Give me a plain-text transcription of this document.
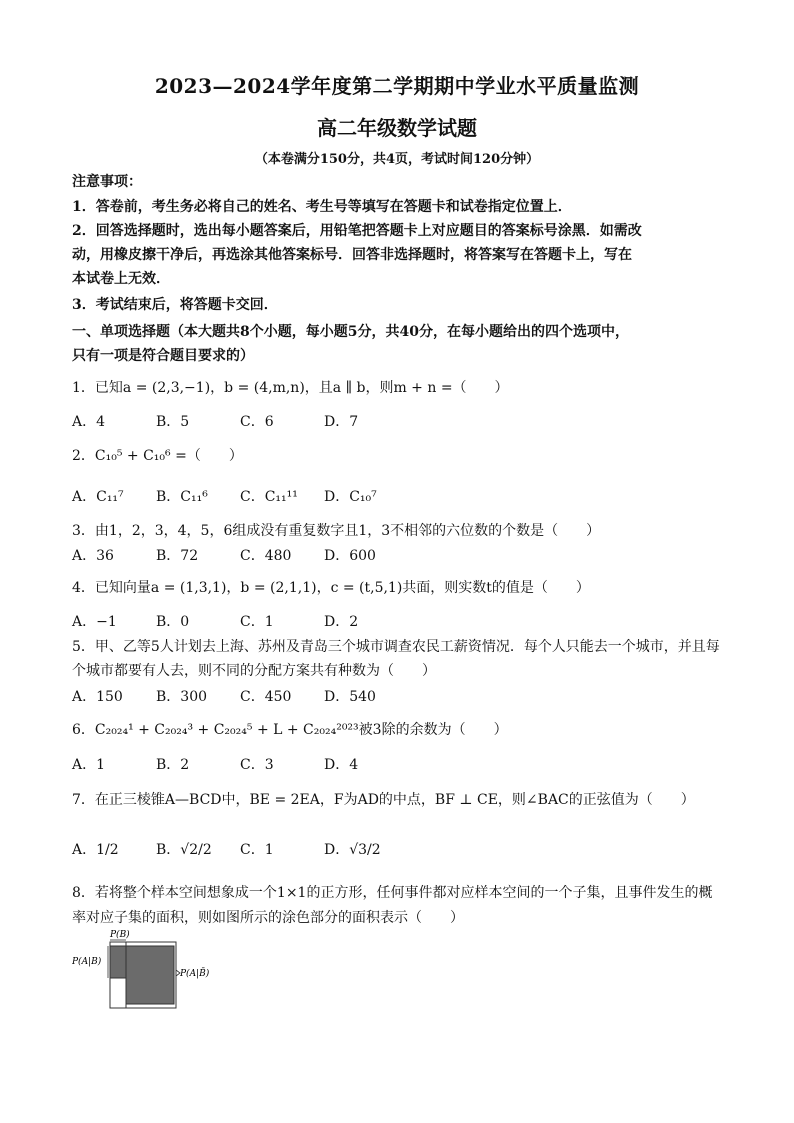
2023—2024学年度第二学期期中学业水平质量监测
高二年级数学试题
（本卷满分150分，共4页，考试时间120分钟）
注意事项：
1．答卷前，考生务必将自己的姓名、考生号等填写在答题卡和试卷指定位置上．
2．回答选择题时，选出每小题答案后，用铅笔把答题卡上对应题目的答案标号涂黑．如需改
动，用橡皮擦干净后，再选涂其他答案标号．回答非选择题时，将答案写在答题卡上，写在
本试卷上无效．
3．考试结束后，将答题卡交回．
一、单项选择题（本大题共8个小题，每小题5分，共40分，在每小题给出的四个选项中，
只有一项是符合题目要求的）
1．已知a = (2,3,−1)，b = (4,m,n)，且a ∥ b，则m + n =（　　）
A．4	B．5	C．6	D．7
2．C₁₀⁵ + C₁₀⁶ =（　　）
A．C₁₁⁷ B．C₁₁⁶ C．C₁₁¹¹ D．C₁₀⁷
3．由1，2，3，4，5，6组成没有重复数字且1，3不相邻的六位数的个数是（　　）
A．36	B．72	C．480 D．600
4．已知向量a = (1,3,1)，b = (2,1,1)，c = (t,5,1)共面，则实数t的值是（　　）
A．−1	B．0	C．1	D．2
5．甲、乙等5人计划去上海、苏州及青岛三个城市调查农民工薪资情况．每个人只能去一个城市，并且每
个城市都要有人去，则不同的分配方案共有种数为（　　）
A．150 B．300 C．450 D．540
6．C₂₀₂₄¹ + C₂₀₂₄³ + C₂₀₂₄⁵ + L + C₂₀₂₄²⁰²³被3除的余数为（　　）
A．1	B．2	C．3	D．4
7．在正三棱锥A—BCD中，BE = 2EA，F为AD的中点，BF ⊥ CE，则∠BAC的正弦值为（　　）
A．1/2	B．√2/2 C．1	D．√3/2
8．若将整个样本空间想象成一个1×1的正方形，任何事件都对应样本空间的一个子集，且事件发生的概
率对应子集的面积，则如图所示的涂色部分的面积表示（　　）
P(B)
P(A|B)
P(A|B̄)
